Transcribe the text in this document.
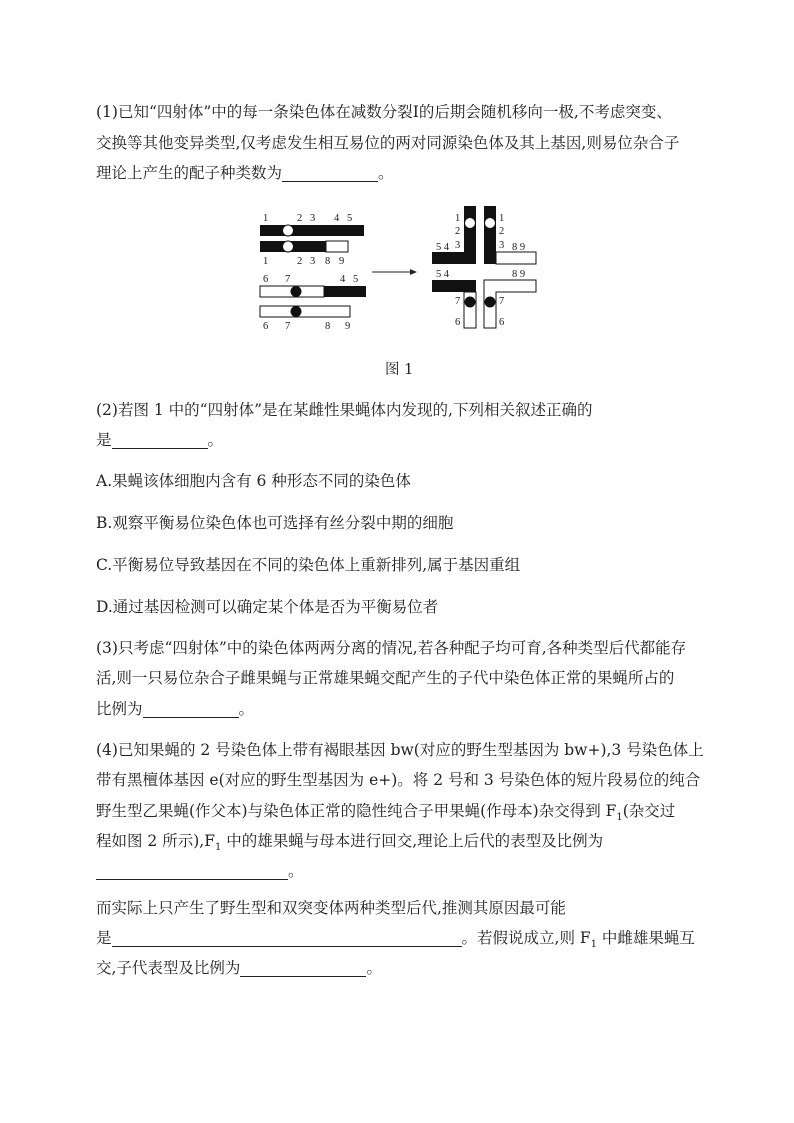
(1)已知“四射体”中的每一条染色体在减数分裂Ⅰ的后期会随机移向一极,不考虑突变、
交换等其他变异类型,仅考虑发生相互易位的两对同源染色体及其上基因,则易位杂合子
理论上产生的配子种类数为	。
1	2 3 4 5
1	2 3 8 9
6 7	4 5
6 7	8 9
1
2
3
1
2
3
5 4
5 4
8 9
8 9
7
6
7
6
图 1
(2)若图 1 中的“四射体”是在某雌性果蝇体内发现的,下列相关叙述正确的
是	。
A.果蝇该体细胞内含有 6 种形态不同的染色体
B.观察平衡易位染色体也可选择有丝分裂中期的细胞
C.平衡易位导致基因在不同的染色体上重新排列,属于基因重组
D.通过基因检测可以确定某个体是否为平衡易位者
(3)只考虑“四射体”中的染色体两两分离的情况,若各种配子均可育,各种类型后代都能存
活,则一只易位杂合子雌果蝇与正常雄果蝇交配产生的子代中染色体正常的果蝇所占的
比例为	。
(4)已知果蝇的 2 号染色体上带有褐眼基因 bw(对应的野生型基因为 bw+),3 号染色体上
带有黑檀体基因 e(对应的野生型基因为 e+)。将 2 号和 3 号染色体的短片段易位的纯合
野生型乙果蝇(作父本)与染色体正常的隐性纯合子甲果蝇(作母本)杂交得到 $F_1$(杂交过
程如图 2 所示)$,F_1$ 中的雄果蝇与母本进行回交,理论上后代的表型及比例为
。
而实际上只产生了野生型和双突变体两种类型后代,推测其原因最可能
是	。若假说成立,则 $F_1$ 中雌雄果蝇互
交,子代表型及比例为	。
